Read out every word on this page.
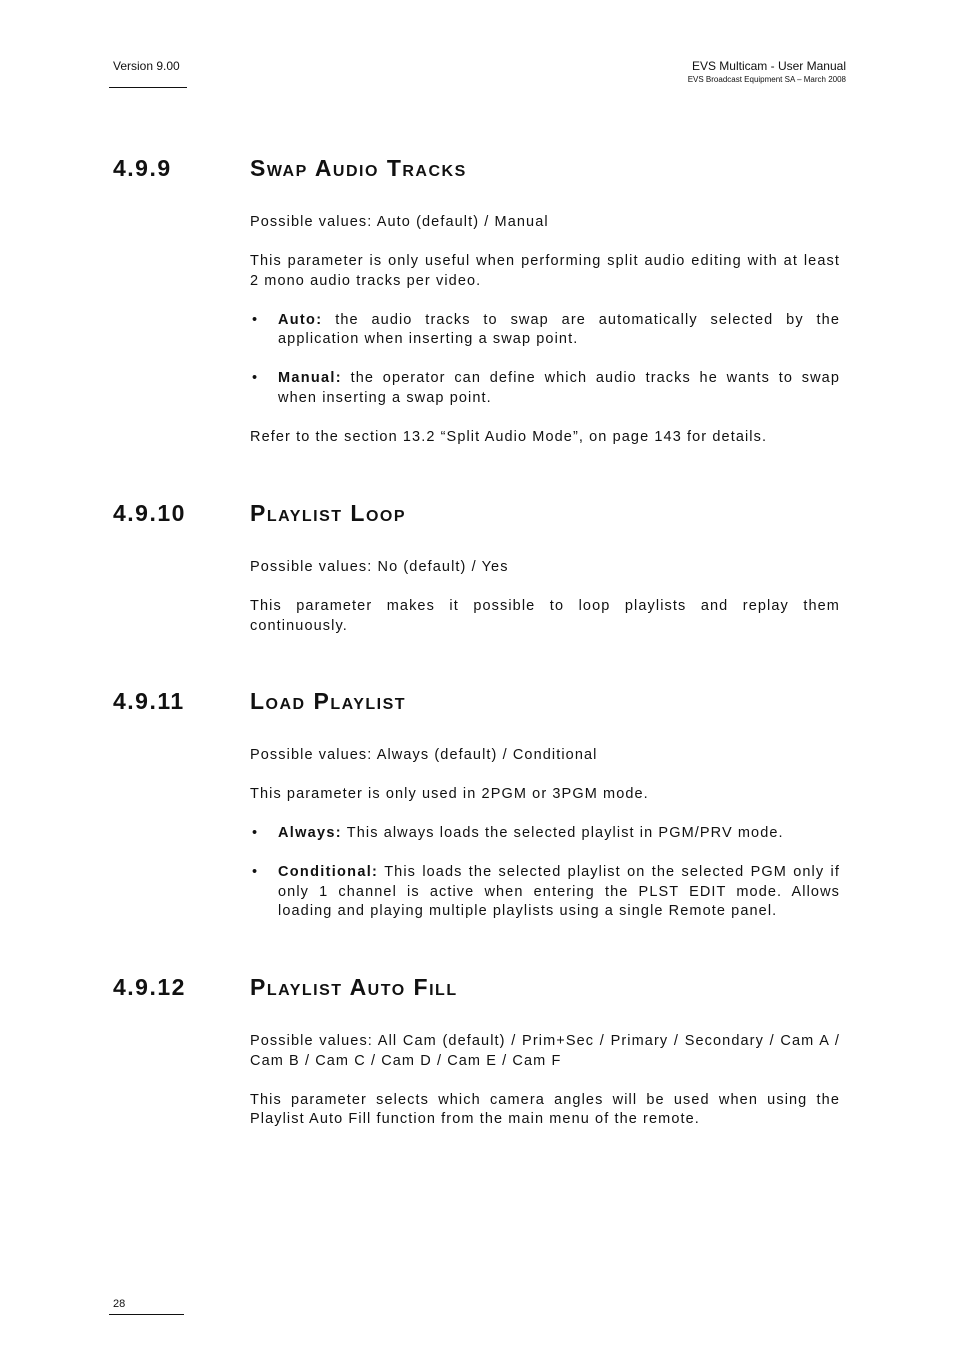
Version 9.00	EVS Multicam - User Manual
EVS Broadcast Equipment SA – March 2008
4.9.9	Swap Audio Tracks

Possible values: Auto (default) / Manual

This parameter is only useful when performing split audio editing with at least 2 mono audio tracks per video.

• Auto: the audio tracks to swap are automatically selected by the application when inserting a swap point.
• Manual: the operator can define which audio tracks he wants to swap when inserting a swap point.

Refer to the section 13.2 “Split Audio Mode”, on page 143 for details.

4.9.10	Playlist Loop

Possible values: No (default) / Yes

This parameter makes it possible to loop playlists and replay them continuously.

4.9.11	Load Playlist

Possible values: Always (default) / Conditional

This parameter is only used in 2PGM or 3PGM mode.

• Always: This always loads the selected playlist in PGM/PRV mode.
• Conditional: This loads the selected playlist on the selected PGM only if only 1 channel is active when entering the PLST EDIT mode. Allows loading and playing multiple playlists using a single Remote panel.
4.9.12	Playlist Auto Fill

Possible values: All Cam (default) / Prim+Sec / Primary / Secondary / Cam A / Cam B / Cam C / Cam D / Cam E / Cam F

This parameter selects which camera angles will be used when using the Playlist Auto Fill function from the main menu of the remote.

28
